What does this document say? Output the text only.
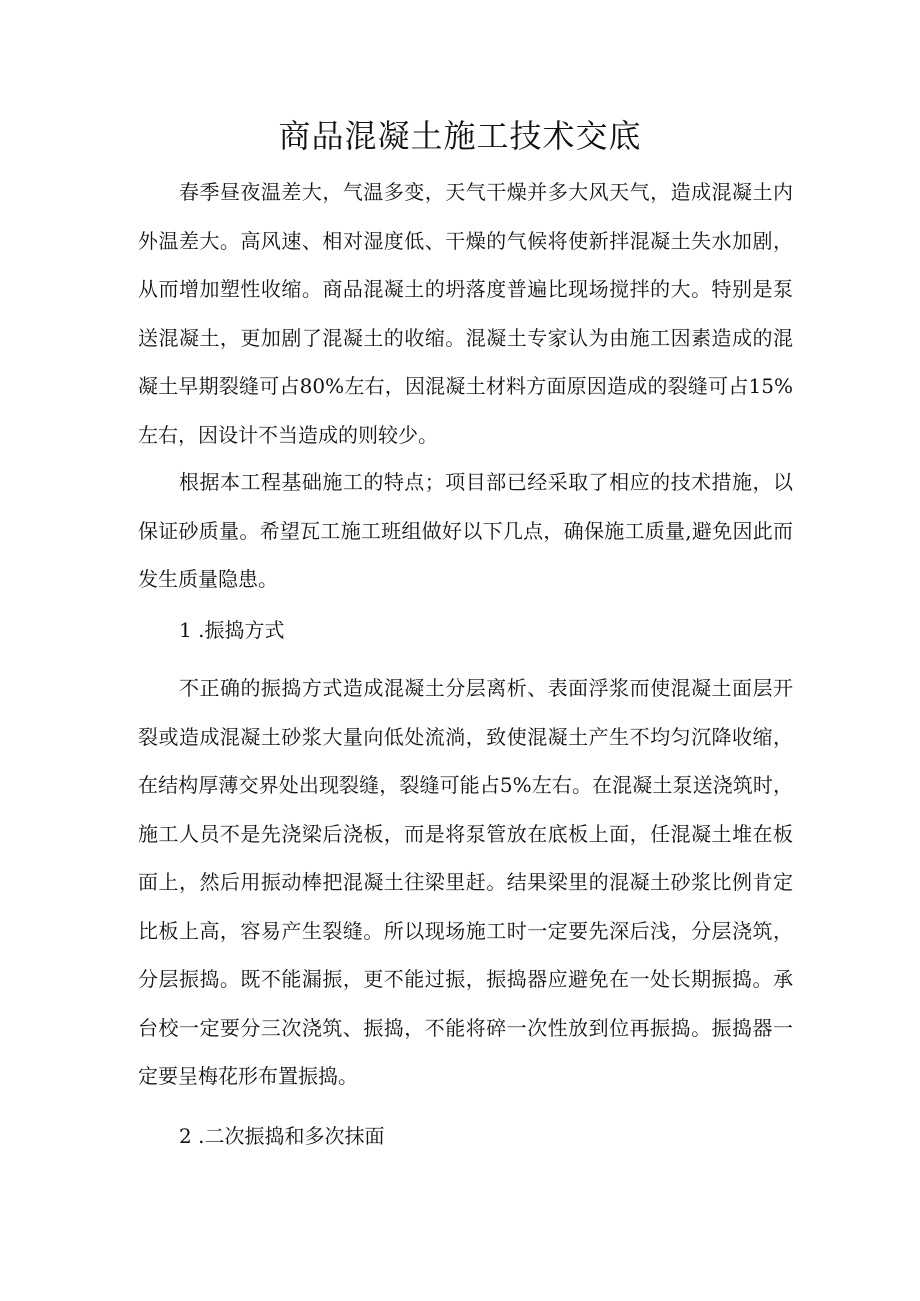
商品混凝土施工技术交底

春季昼夜温差大，气温多变，天气干燥并多大风天气，造成混凝土内外温差大。高风速、相对湿度低、干燥的气候将使新拌混凝土失水加剧，从而增加塑性收缩。商品混凝土的坍落度普遍比现场搅拌的大。特别是泵送混凝土，更加剧了混凝土的收缩。混凝土专家认为由施工因素造成的混凝土早期裂缝可占80%左右，因混凝土材料方面原因造成的裂缝可占15%左右，因设计不当造成的则较少。

根据本工程基础施工的特点；项目部已经采取了相应的技术措施，以保证砂质量。希望瓦工施工班组做好以下几点，确保施工质量,避免因此而发生质量隐患。

1 .振捣方式

不正确的振捣方式造成混凝土分层离析、表面浮浆而使混凝土面层开裂或造成混凝土砂浆大量向低处流淌，致使混凝土产生不均匀沉降收缩，在结构厚薄交界处出现裂缝，裂缝可能占5%左右。在混凝土泵送浇筑时，施工人员不是先浇梁后浇板，而是将泵管放在底板上面，任混凝土堆在板面上，然后用振动棒把混凝土往梁里赶。结果梁里的混凝土砂浆比例肯定比板上高，容易产生裂缝。所以现场施工时一定要先深后浅，分层浇筑，分层振捣。既不能漏振，更不能过振，振捣器应避免在一处长期振捣。承台校一定要分三次浇筑、振捣，不能将碎一次性放到位再振捣。振捣器一定要呈梅花形布置振捣。

2 .二次振捣和多次抹面
